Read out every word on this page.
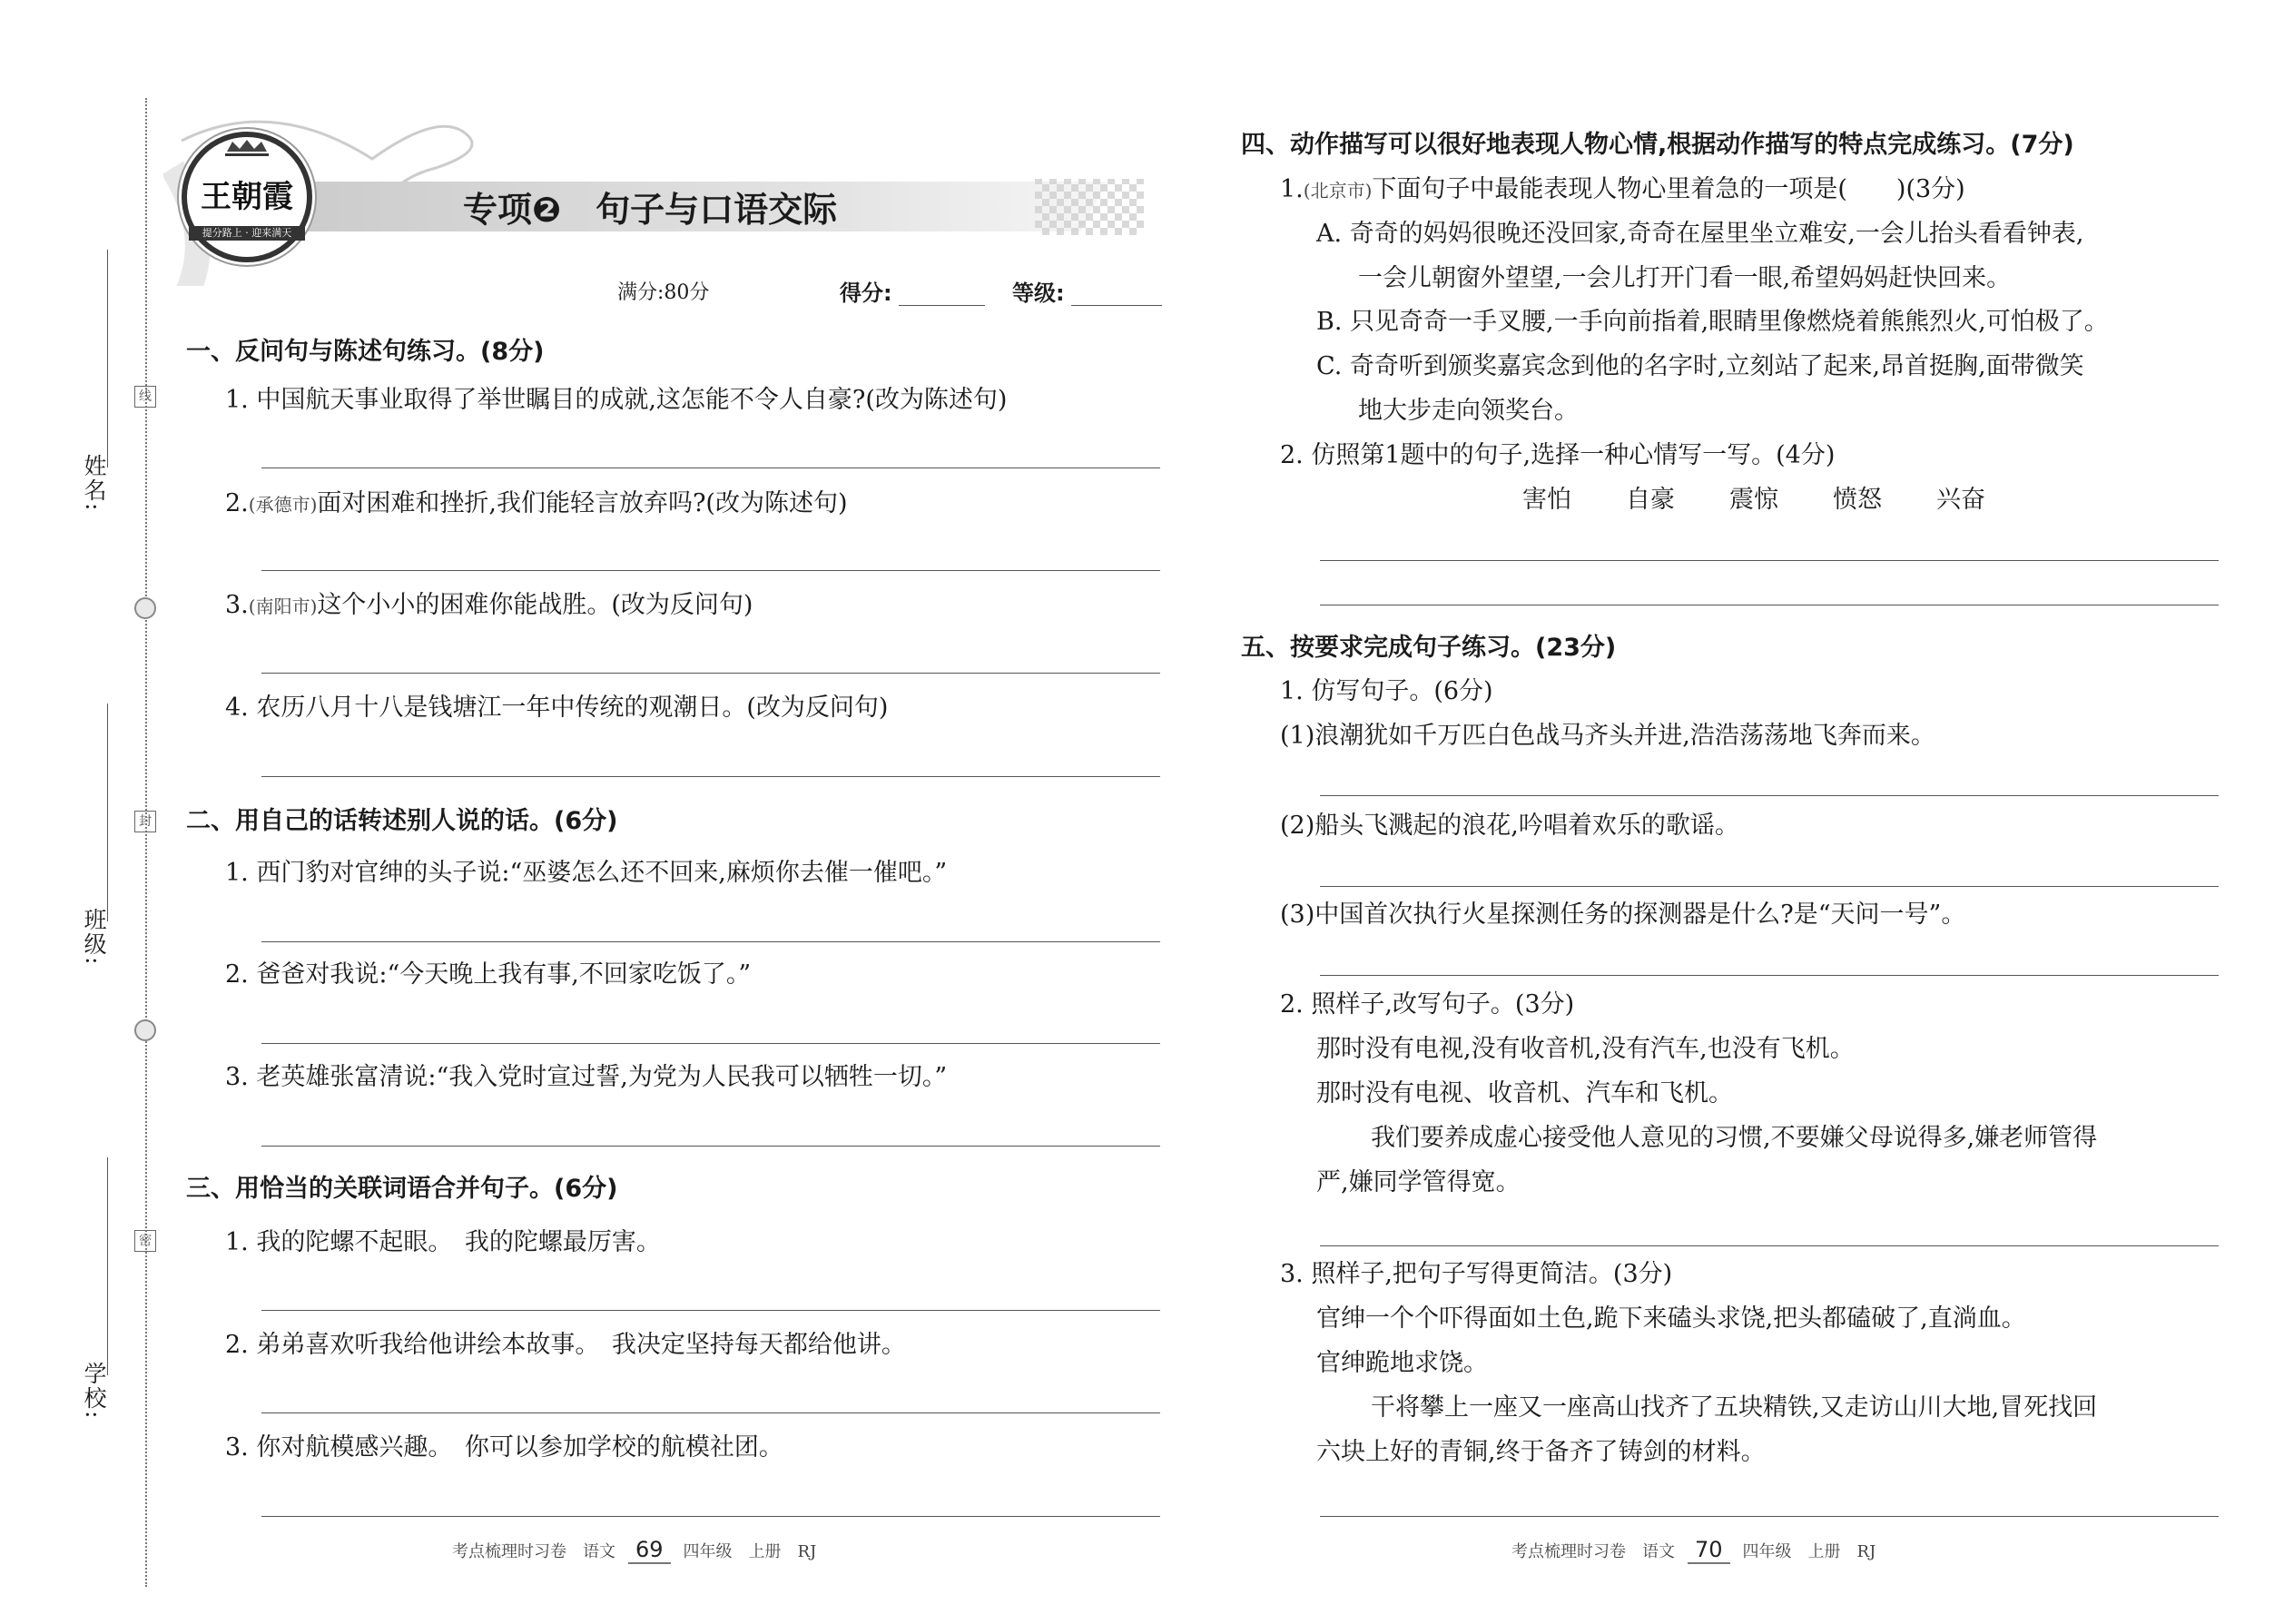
姓名:
班级:
学校:
线
封
密
王朝霞
提分路上 · 迎来满天
专项❷　句子与口语交际
满分:80分	得分:	等级:
一、反问句与陈述句练习。(8分)
1. 中国航天事业取得了举世瞩目的成就,这怎能不令人自豪?(改为陈述句)
2.(承德市)面对困难和挫折,我们能轻言放弃吗?(改为陈述句)
3.(南阳市)这个小小的困难你能战胜。(改为反问句)
4. 农历八月十八是钱塘江一年中传统的观潮日。(改为反问句)
二、用自己的话转述别人说的话。(6分)
1. 西门豹对官绅的头子说:“巫婆怎么还不回来,麻烦你去催一催吧。”
2. 爸爸对我说:“今天晚上我有事,不回家吃饭了。”
3. 老英雄张富清说:“我入党时宣过誓,为党为人民我可以牺牲一切。”
三、用恰当的关联词语合并句子。(6分)
1. 我的陀螺不起眼。　我的陀螺最厉害。
2. 弟弟喜欢听我给他讲绘本故事。　我决定坚持每天都给他讲。
3. 你对航模感兴趣。　你可以参加学校的航模社团。
考点梳理时习卷　语文 69 四年级　上册　RJ
四、动作描写可以很好地表现人物心情,根据动作描写的特点完成练习。(7分)
1.(北京市)下面句子中最能表现人物心里着急的一项是(　　)(3分)
A. 奇奇的妈妈很晚还没回家,奇奇在屋里坐立难安,一会儿抬头看看钟表,
一会儿朝窗外望望,一会儿打开门看一眼,希望妈妈赶快回来。
B. 只见奇奇一手叉腰,一手向前指着,眼睛里像燃烧着熊熊烈火,可怕极了。
C. 奇奇听到颁奖嘉宾念到他的名字时,立刻站了起来,昂首挺胸,面带微笑
地大步走向领奖台。
2. 仿照第1题中的句子,选择一种心情写一写。(4分)
害怕 自豪 震惊 愤怒 兴奋
五、按要求完成句子练习。(23分)
1. 仿写句子。(6分)
(1)浪潮犹如千万匹白色战马齐头并进,浩浩荡荡地飞奔而来。
(2)船头飞溅起的浪花,吟唱着欢乐的歌谣。
(3)中国首次执行火星探测任务的探测器是什么?是“天问一号”。
2. 照样子,改写句子。(3分)
那时没有电视,没有收音机,没有汽车,也没有飞机。
那时没有电视、收音机、汽车和飞机。
我们要养成虚心接受他人意见的习惯,不要嫌父母说得多,嫌老师管得
严,嫌同学管得宽。
3. 照样子,把句子写得更简洁。(3分)
官绅一个个吓得面如土色,跪下来磕头求饶,把头都磕破了,直淌血。
官绅跪地求饶。
干将攀上一座又一座高山找齐了五块精铁,又走访山川大地,冒死找回
六块上好的青铜,终于备齐了铸剑的材料。
考点梳理时习卷　语文 70 四年级　上册　RJ
